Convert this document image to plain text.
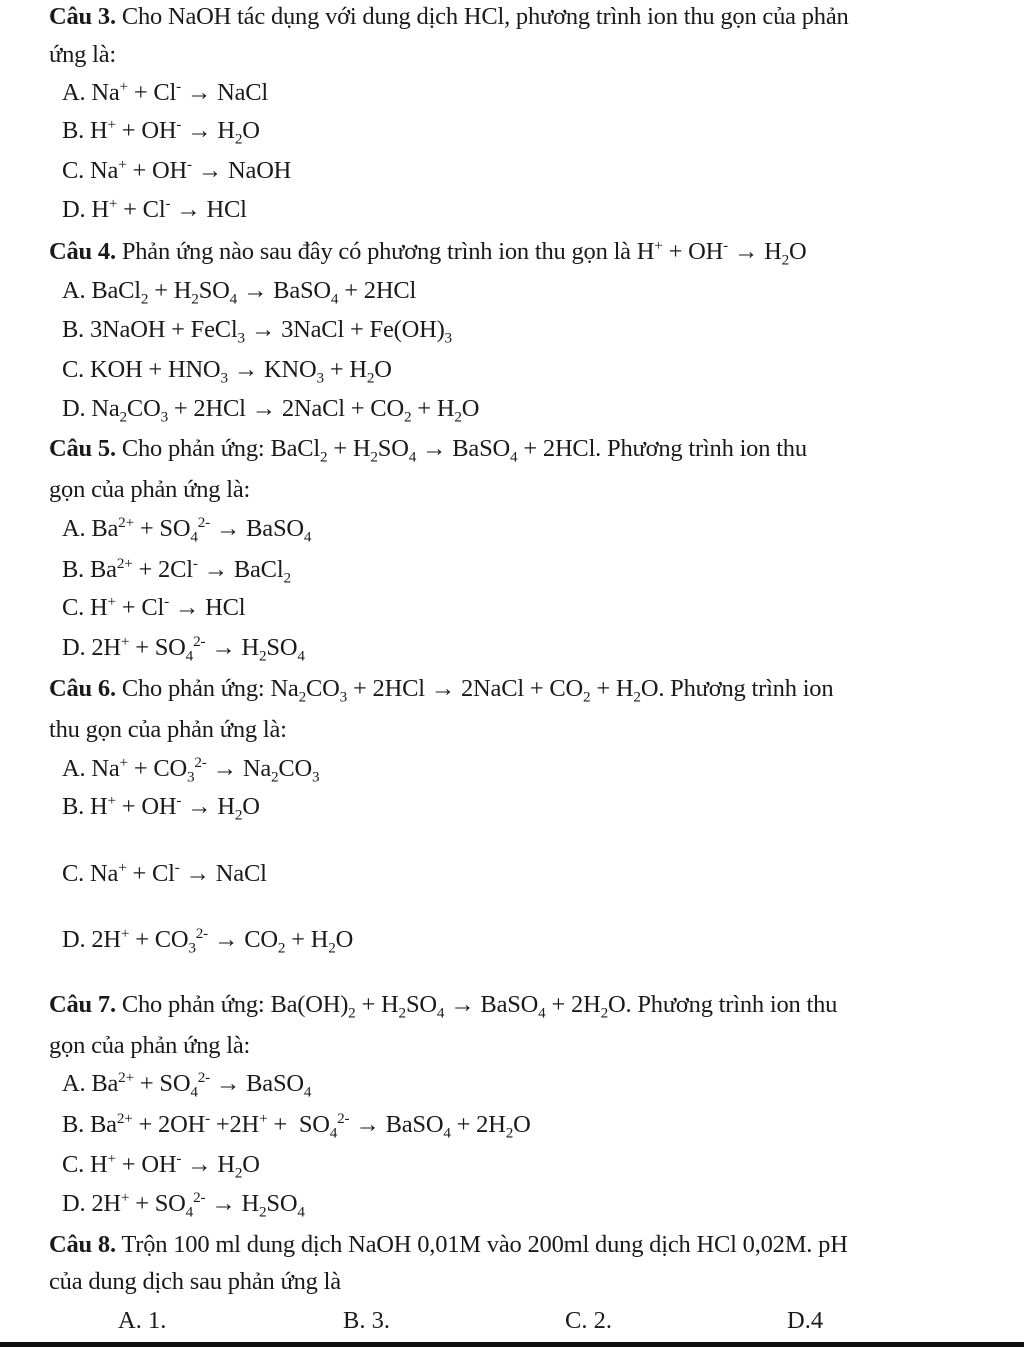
Câu 3. Cho NaOH tác dụng với dung dịch HCl, phương trình ion thu gọn của phản
ứng là:
A. Na+ + Cl- → NaCl
B. $H^+ + OH^- \to H_2O$
C. Na+ + OH- → NaOH
D. H+ + Cl- → HCl
Câu 4. Phản ứng nào sau đây có phương trình ion thu gọn là $H^+ + OH^- \to H_2O$
A. BaCl$_2$ + $H_2SO_4$ → BaSO$_4$ + 2HCl
B. 3NaOH + FeCl$_3$ → 3NaCl + $Fe(OH)_3$
C. KOH + $HNO_3 \to KNO_3 + H_2O$
D. $Na_2CO_3 + 2HCl$ → 2NaCl + $CO_2 + H_2O$
Câu 5. Cho phản ứng: BaCl$_2$ + $H_2SO_4$ → BaSO$_4$ + 2HCl. Phương trình ion thu
gọn của phản ứng là:
A. $Ba^{2+} + SO_4^{2-}$ → BaSO$_4$
B. $Ba^{2+} + 2Cl^-$ → BaCl$_2$
C. H+ + Cl- → HCl
D. $2H^+ + SO_4^{2-} \to H_2SO_4$
Câu 6. Cho phản ứng: $Na_2CO_3 + 2HCl$ → 2NaCl + $CO_2 + H_2O$. Phương trình ion
thu gọn của phản ứng là:
A. $Na^+ + CO_3^{2-} \to Na_2CO_3$
B. $H^+ + OH^- \to H_2O$
C. Na+ + Cl- → NaCl
D. $2H^+ + CO_3^{2-} \to CO_2 + H_2O$
Câu 7. Cho phản ứng: $Ba(OH)_2 + H_2SO_4$ → BaSO$_4$ + $2H_2O$. Phương trình ion thu
gọn của phản ứng là:
A. $Ba^{2+} + SO_4^{2-}$ → BaSO$_4$
B. $Ba^{2+} + 2OH^- +2H^+ + SO_4^{2-}$ → BaSO$_4$ + $2H_2O$
C. $H^+ + OH^- \to H_2O$
D. $2H^+ + SO_4^{2-} \to H_2SO_4$
Câu 8. Trộn 100 ml dung dịch NaOH 0,01M vào 200ml dung dịch HCl 0,02M. pH
của dung dịch sau phản ứng là
A. 1.	B. 3.	C. 2.	D.4
